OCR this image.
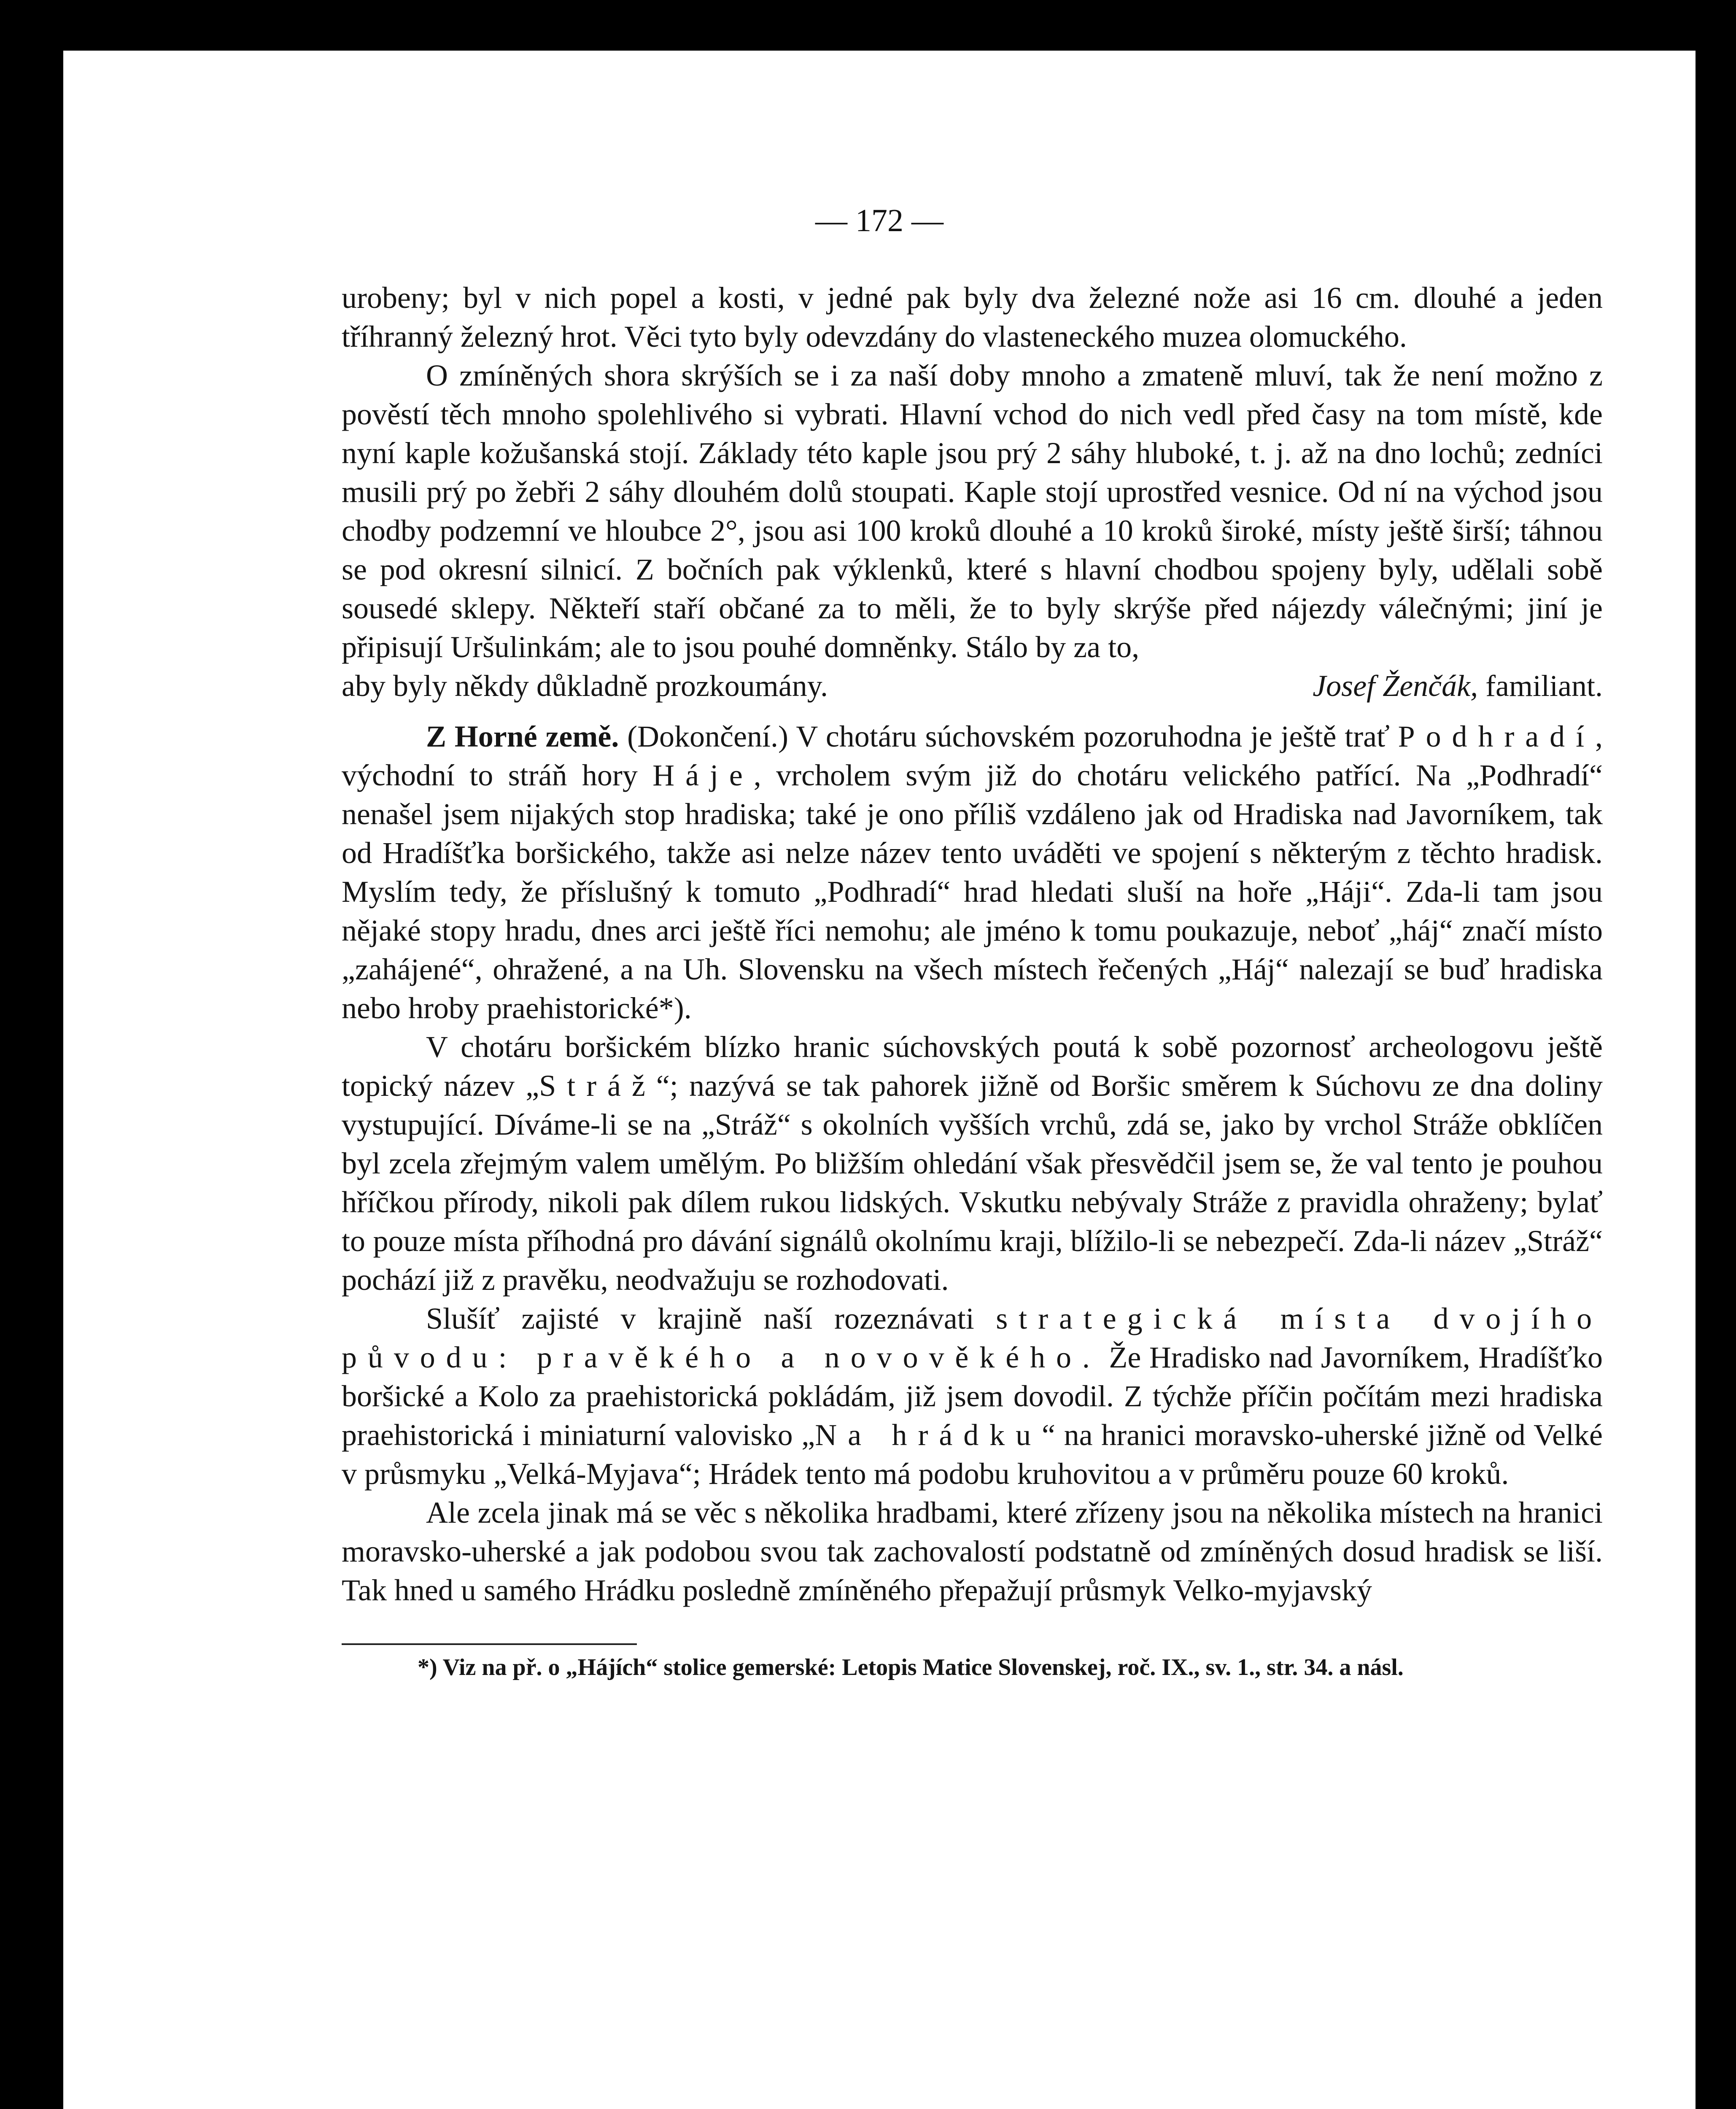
— 172 —

urobeny; byl v nich popel a kosti, v jedné pak byly dva železné nože asi 16 cm. dlouhé a jeden tříhranný železný hrot. Věci tyto byly odevzdány do vlasteneckého muzea olomuckého.

O zmíněných shora skrýších se i za naší doby mnoho a zmateně mluví, tak že není možno z pověstí těch mnoho spolehlivého si vybrati. Hlavní vchod do nich vedl před časy na tom místě, kde nyní kaple kožušanská stojí. Základy této kaple jsou prý 2 sáhy hluboké, t. j. až na dno lochů; zedníci musili prý po žebři 2 sáhy dlouhém dolů stoupati. Kaple stojí uprostřed vesnice. Od ní na východ jsou chodby podzemní ve hloubce 2°, jsou asi 100 kroků dlouhé a 10 kroků široké, místy ještě širší; táhnou se pod okresní silnicí. Z bočních pak výklenků, které s hlavní chodbou spojeny byly, udělali sobě sousedé sklepy. Někteří staří občané za to měli, že to byly skrýše před nájezdy válečnými; jiní je připisují Uršulinkám; ale to jsou pouhé domněnky. Stálo by za to,

aby byly někdy důkladně prozkoumány.	Josef Ženčák, familiant.

Z Horné země. (Dokončení.) V chotáru súchovském pozoruhodna je ještě trať Podhradí, východní to stráň hory Háje, vrcholem svým již do chotáru velického patřící. Na „Podhradí“ nenašel jsem nijakých stop hradiska; také je ono příliš vzdáleno jak od Hradiska nad Javorníkem, tak od Hradíšťka boršického, takže asi nelze název tento uváděti ve spojení s některým z těchto hradisk. Myslím tedy, že příslušný k tomuto „Podhradí“ hrad hledati sluší na hoře „Háji“. Zda-li tam jsou nějaké stopy hradu, dnes arci ještě říci nemohu; ale jméno k tomu poukazuje, neboť „háj“ značí místo „zahájené“, ohražené, a na Uh. Slovensku na všech místech řečených „Háj“ nalezají se buď hradiska nebo hroby praehistorické*).

V chotáru boršickém blízko hranic súchovských poutá k sobě pozornosť archeologovu ještě topický název „Stráž“; nazývá se tak pahorek jižně od Boršic směrem k Súchovu ze dna doliny vystupující. Díváme-li se na „Stráž“ s okolních vyšších vrchů, zdá se, jako by vrchol Stráže obklíčen byl zcela zřejmým valem umělým. Po bližším ohledání však přesvědčil jsem se, že val tento je pouhou hříčkou přírody, nikoli pak dílem rukou lidských. Vskutku nebývaly Stráže z pravidla ohraženy; bylať to pouze místa příhodná pro dávání signálů okolnímu kraji, blížilo-li se nebezpečí. Zda-li název „Stráž“ pochází již z pravěku, neodvažuju se rozhodovati.

Slušíť zajisté v krajině naší rozeznávati strategická místa dvojího původu: pravěkého a novověkého. Že Hradisko nad Javorníkem, Hradíšťko boršické a Kolo za praehistorická pokládám, již jsem dovodil. Z týchže příčin počítám mezi hradiska praehistorická i miniaturní valovisko „Na hrádku“ na hranici moravsko-uherské jižně od Velké v průsmyku „Velká-Myjava“; Hrádek tento má podobu kruhovitou a v průměru pouze 60 kroků.

Ale zcela jinak má se věc s několika hradbami, které zřízeny jsou na několika místech na hranici moravsko-uherské a jak podobou svou tak zachovalostí podstatně od zmíněných dosud hradisk se liší. Tak hned u samého Hrádku posledně zmíněného přepažují průsmyk Velko-myjavský

*) Viz na př. o „Hájích“ stolice gemerské: Letopis Matice Slovenskej, roč. IX., sv. 1., str. 34. a násl.
